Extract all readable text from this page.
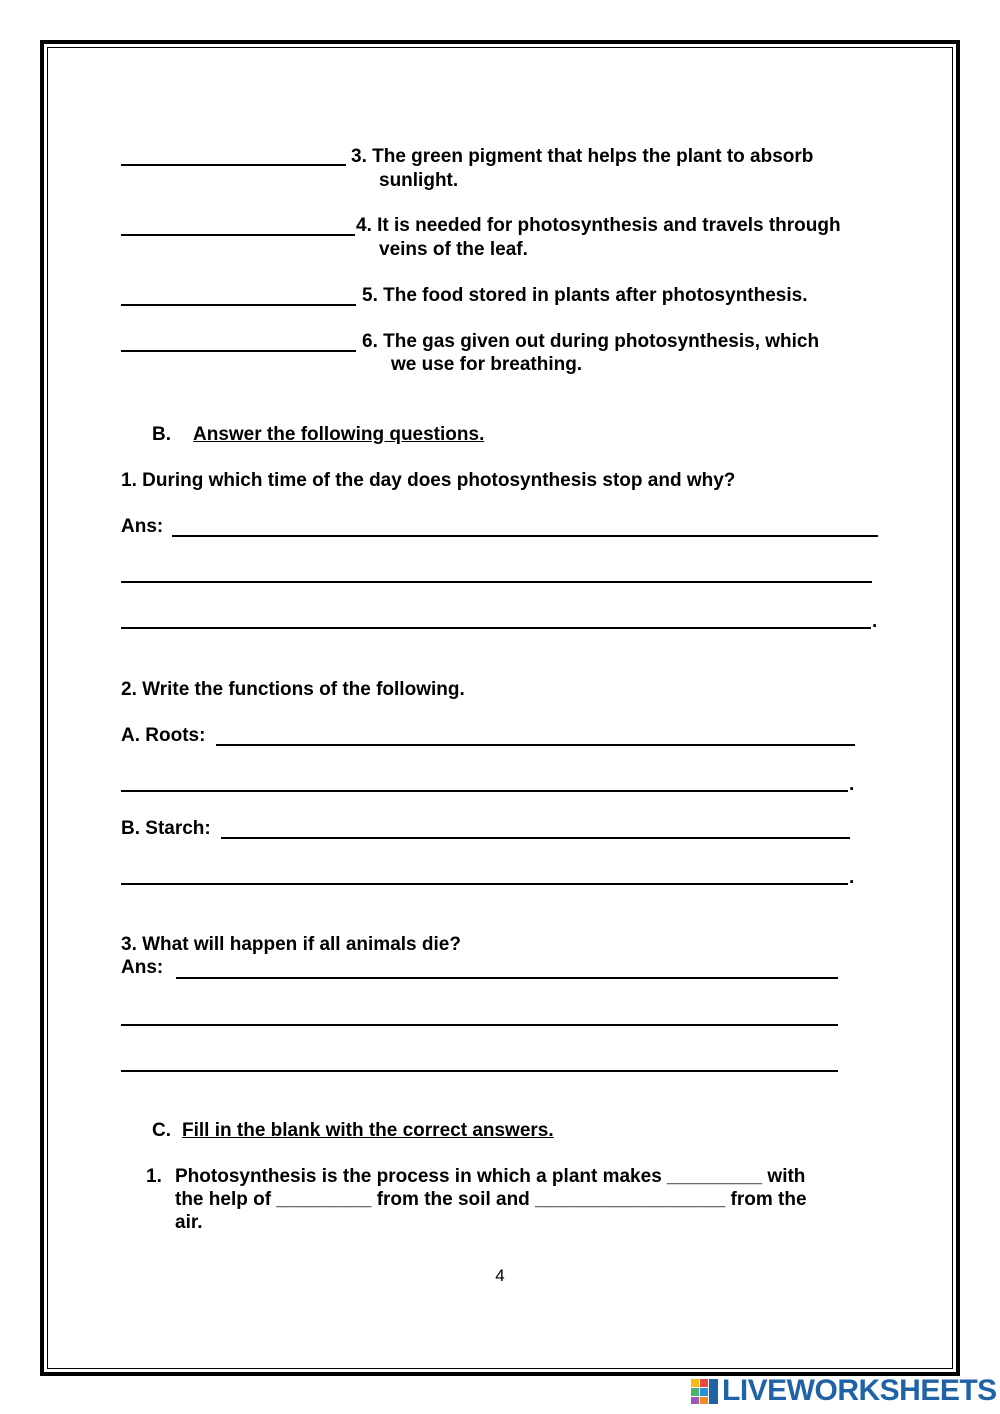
3. The green pigment that helps the plant to absorb
sunlight.
4. It is needed for photosynthesis and travels through
veins of the leaf.
5. The food stored in plants after photosynthesis.
6. The gas given out during photosynthesis, which
we use for breathing.
B. Answer the following questions.
1. During which time of the day does photosynthesis stop and why?
Ans:
.
2. Write the functions of the following.
A. Roots:
.
B. Starch:
.
3. What will happen if all animals die?
Ans:
C. Fill in the blank with the correct answers.
1. Photosynthesis is the process in which a plant makes _________ with
the help of _________ from the soil and __________________ from the
air.
4
LIVEWORKSHEETS
